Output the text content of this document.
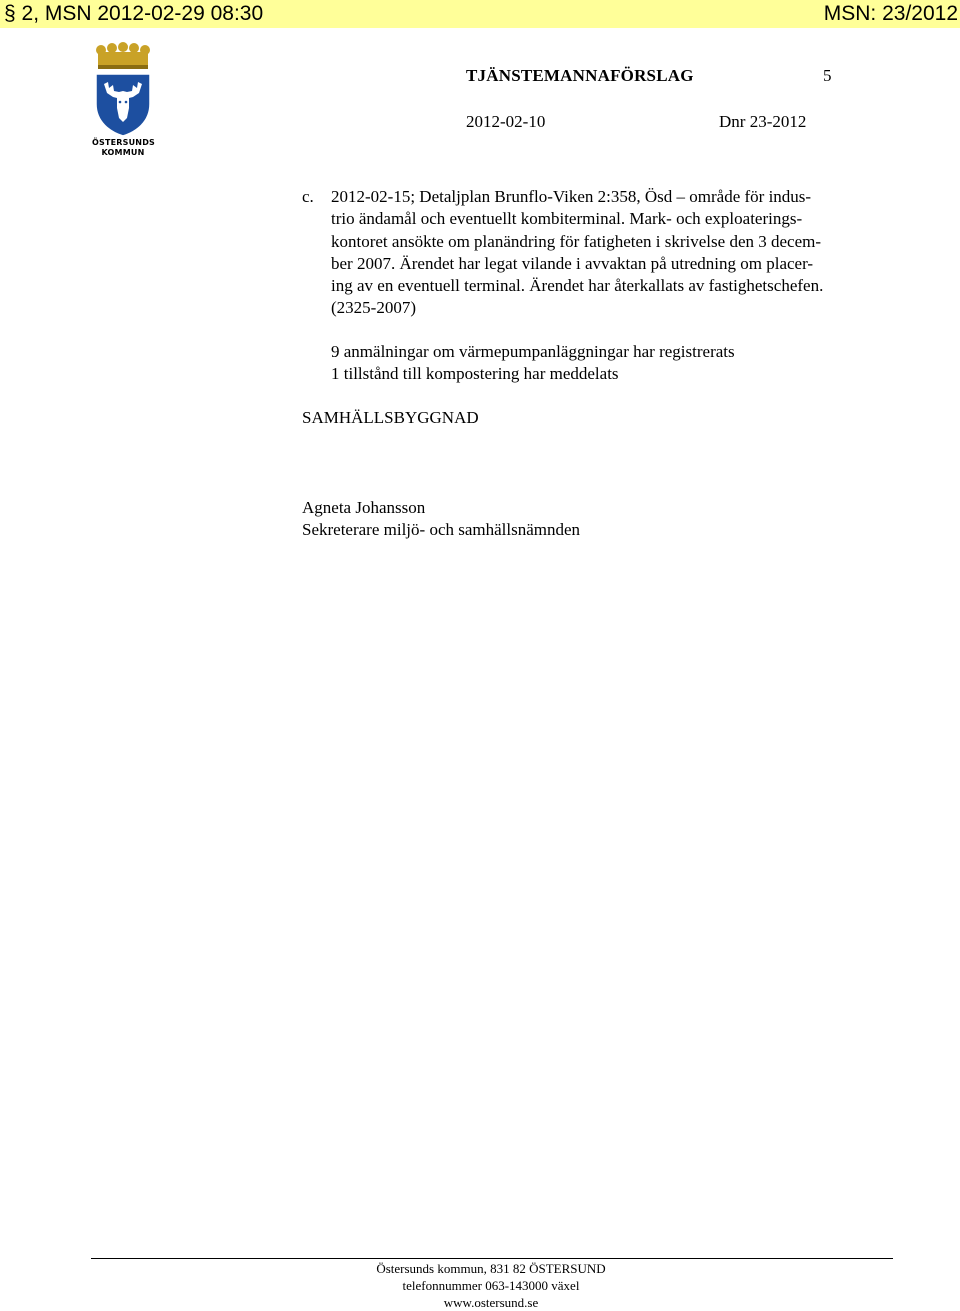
§ 2, MSN 2012-02-29 08:30	MSN: 23/2012
ÖSTERSUNDS
KOMMUN
TJÄNSTEMANNAFÖRSLAG	5
2012-02-10	Dnr 23-2012
c. 2012-02-15; Detaljplan Brunflo-Viken 2:358, Ösd – område för indus-
trio ändamål och eventuellt kombiterminal. Mark- och exploaterings-
kontoret ansökte om planändring för fatigheten i skrivelse den 3 decem-
ber 2007. Ärendet har legat vilande i avvaktan på utredning om placer-
ing av en eventuell terminal. Ärendet har återkallats av fastighetschefen.
(2325-2007)
9 anmälningar om värmepumpanläggningar har registrerats
1 tillstånd till kompostering har meddelats
SAMHÄLLSBYGGNAD
Agneta Johansson
Sekreterare miljö- och samhällsnämnden
Östersunds kommun, 831 82 ÖSTERSUND
telefonnummer 063-143000 växel
www.ostersund.se
